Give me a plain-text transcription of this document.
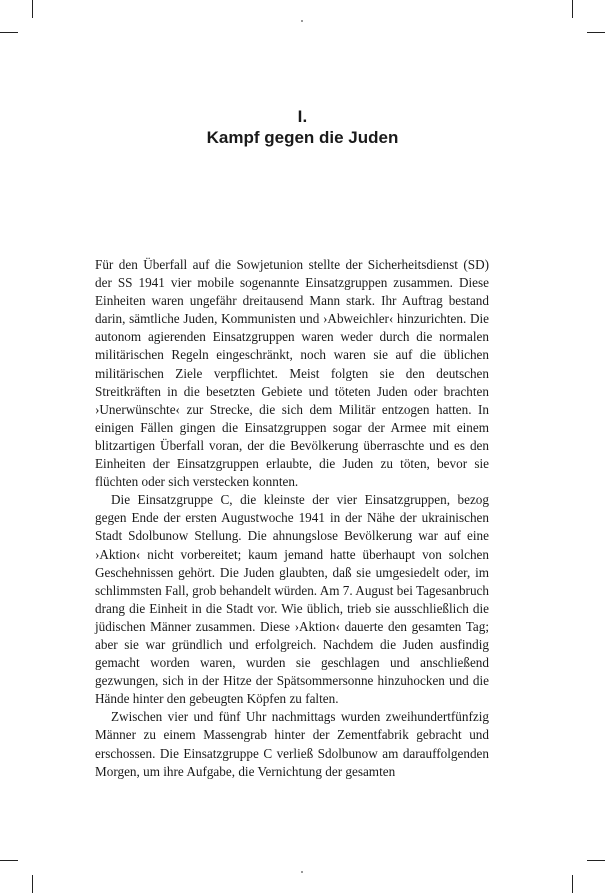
I.
Kampf gegen die Juden

Für den Überfall auf die Sowjetunion stellte der Sicherheitsdienst (SD) der SS 1941 vier mobile sogenannte Einsatzgruppen zusammen. Diese Einheiten waren ungefähr dreitausend Mann stark. Ihr Auftrag bestand darin, sämtliche Juden, Kommunisten und ›Abweichler‹ hinzurichten. Die autonom agierenden Einsatzgruppen waren weder durch die normalen militärischen Regeln eingeschränkt, noch waren sie auf die üblichen militärischen Ziele verpflichtet. Meist folgten sie den deutschen Streitkräften in die besetzten Gebiete und töteten Juden oder brachten ›Unerwünschte‹ zur Strecke, die sich dem Militär entzogen hatten. In einigen Fällen gingen die Einsatzgruppen sogar der Armee mit einem blitzartigen Überfall voran, der die Bevölkerung überraschte und es den Einheiten der Einsatzgruppen erlaubte, die Juden zu töten, bevor sie flüchten oder sich verstecken konnten.

Die Einsatzgruppe C, die kleinste der vier Einsatzgruppen, bezog gegen Ende der ersten Augustwoche 1941 in der Nähe der ukrainischen Stadt Sdolbunow Stellung. Die ahnungslose Bevölkerung war auf eine ›Aktion‹ nicht vorbereitet; kaum jemand hatte überhaupt von solchen Geschehnissen gehört. Die Juden glaubten, daß sie umgesiedelt oder, im schlimmsten Fall, grob behandelt würden. Am 7. August bei Tagesanbruch drang die Einheit in die Stadt vor. Wie üblich, trieb sie ausschließlich die jüdischen Männer zusammen. Diese ›Aktion‹ dauerte den gesamten Tag; aber sie war gründlich und erfolgreich. Nachdem die Juden ausfindig gemacht worden waren, wurden sie geschlagen und anschließend gezwungen, sich in der Hitze der Spätsommersonne hinzuhocken und die Hände hinter den gebeugten Köpfen zu falten.

Zwischen vier und fünf Uhr nachmittags wurden zweihundertfünfzig Männer zu einem Massengrab hinter der Zementfabrik gebracht und erschossen. Die Einsatzgruppe C verließ Sdolbunow am darauffolgenden Morgen, um ihre Aufgabe, die Vernichtung der gesamten
